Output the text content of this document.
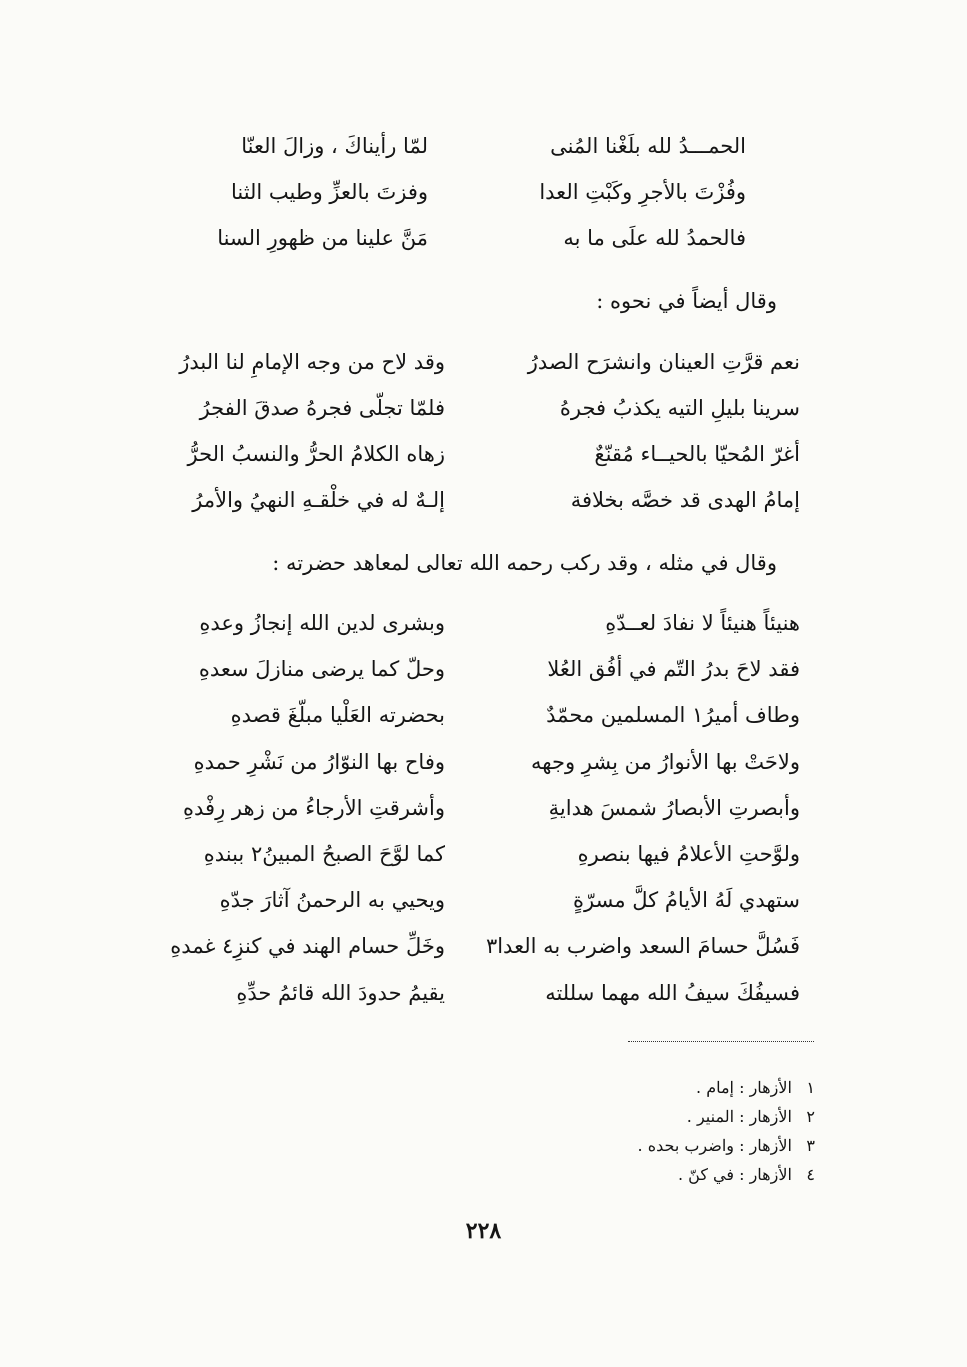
الحمـــدُ لله بلَغْنا المُنى
لمّا رأيناكَ ، وزالَ العنّا
وفُزْتَ بالأجرِ وكَبْتِ العدا
وفزتَ بالعزِّ وطيب الثنا
فالحمدُ لله علَى ما به
مَنَّ علينا من ظهورِ السنا
وقال أيضاً في نحوه :
نعم قرَّتِ العينان وانشرَح الصدرُ
وقد لاح من وجه الإمامِ لنا البدرُ
سرينا بليلِ التيه يكذبُ فجرهُ
فلمّا تجلّى فجرهُ صدقَ الفجرُ
أغرّ المُحيّا بالحيــاء مُقنّعٌ
زهاه الكلامُ الحرُّ والنسبُ الحرُّ
إمامُ الهدى قد خصَّه بخلافة
إلـهٌ له في خلْقـهِ النهيُ والأمرُ
وقال في مثله ، وقد ركب رحمه الله تعالى لمعاهد حضرته :
هنيئاً هنيئاً لا نفادَ لعــدّهِ
وبشرى لدين الله إنجازُ وعدهِ
فقد لاحَ بدرُ التّم في أفُق العُلا
وحلّ كما يرضى منازلَ سعدهِ
وطاف أميرُ١ المسلمين محمّدٌ
بحضرته العَلْيا مبلّغَ قصدهِ
ولاحَتْ بها الأنوارُ من بِشرِ وجهه
وفاح بها النوّارُ من نَشْرِ حمدهِ
وأبصرتِ الأبصارُ شمسَ هدايةِ
وأشرقتِ الأرجاءُ من زهر رِفْدهِ
ولوَّحتِ الأعلامُ فيها بنصرهِ
كما لوَّحَ الصبحُ المبينُ٢ ببندهِ
ستهدي لَهُ الأيامُ كلَّ مسرّةٍ
ويحيي به الرحمنُ آثارَ جدّهِ
فَسُلَّ حسامَ السعد واضرب به العدا٣
وخَلِّ حسام الهند في كنزِ٤ غمدهِ
فسيفُكَ سيفُ الله مهما سللته
يقيمُ حدودَ الله قائمُ حدِّهِ
١ الأزهار : إمام .
٢ الأزهار : المنير .
٣ الأزهار : واضرب بحده .
٤ الأزهار : في كنّ .
٢٢٨
